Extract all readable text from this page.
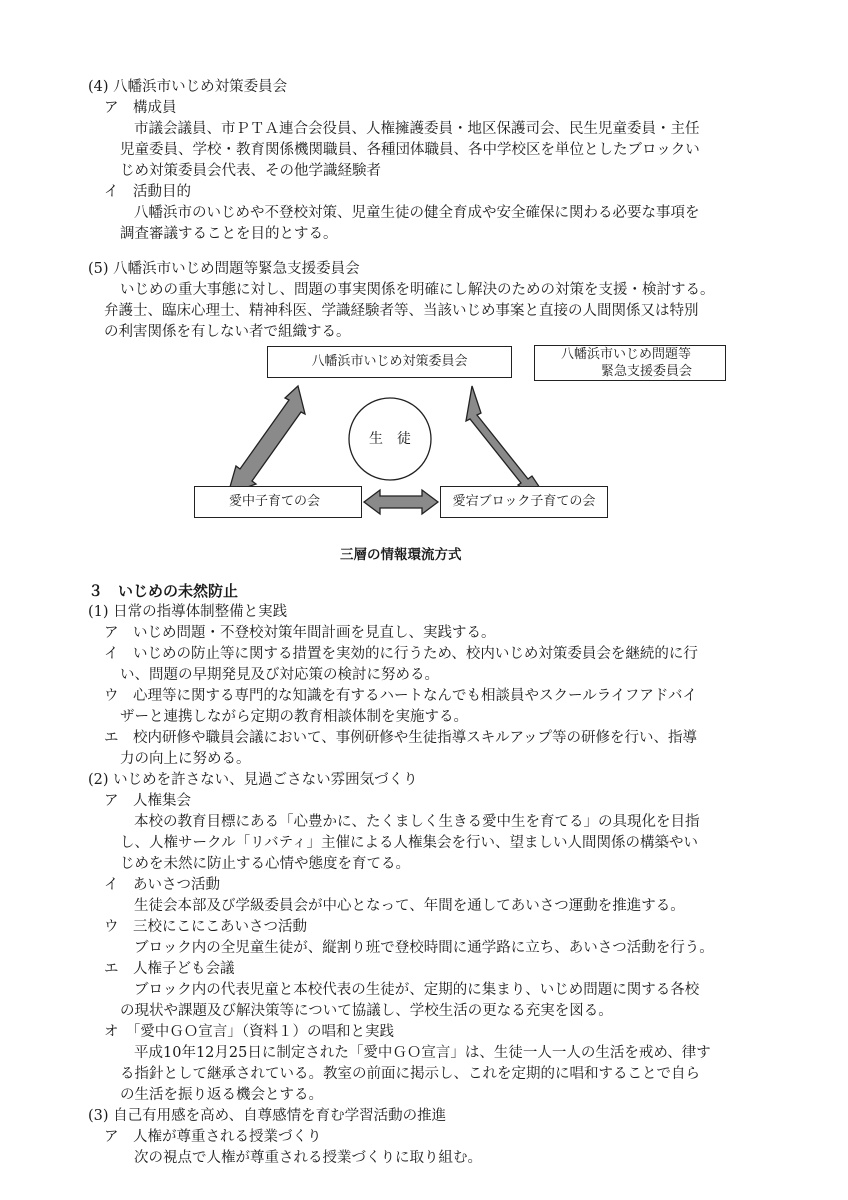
(4) 八幡浜市いじめ対策委員会
ア　構成員
市議会議員、市ＰＴＡ連合会役員、人権擁護委員・地区保護司会、民生児童委員・主任
児童委員、学校・教育関係機関職員、各種団体職員、各中学校区を単位としたブロックい
じめ対策委員会代表、その他学識経験者
イ　活動目的
八幡浜市のいじめや不登校対策、児童生徒の健全育成や安全確保に関わる必要な事項を
調査審議することを目的とする。
(5) 八幡浜市いじめ問題等緊急支援委員会
いじめの重大事態に対し、問題の事実関係を明確にし解決のための対策を支援・検討する。
弁護士、臨床心理士、精神科医、学識経験者等、当該いじめ事案と直接の人間関係又は特別
の利害関係を有しない者で組織する。
八幡浜市いじめ対策委員会	八幡浜市いじめ問題等
緊急支援委員会
生　徒
愛中子育ての会	愛宕ブロック子育ての会
三層の情報環流方式
３　いじめの未然防止
(1) 日常の指導体制整備と実践
ア　いじめ問題・不登校対策年間計画を見直し、実践する。
イ　いじめの防止等に関する措置を実効的に行うため、校内いじめ対策委員会を継続的に行
い、問題の早期発見及び対応策の検討に努める。
ウ　心理等に関する専門的な知識を有するハートなんでも相談員やスクールライフアドバイ
ザーと連携しながら定期の教育相談体制を実施する。
エ　校内研修や職員会議において、事例研修や生徒指導スキルアップ等の研修を行い、指導
力の向上に努める。
(2) いじめを許さない、見過ごさない雰囲気づくり
ア　人権集会
本校の教育目標にある「心豊かに、たくましく生きる愛中生を育てる」の具現化を目指
し、人権サークル「リバティ」主催による人権集会を行い、望ましい人間関係の構築やい
じめを未然に防止する心情や態度を育てる。
イ　あいさつ活動
生徒会本部及び学級委員会が中心となって、年間を通してあいさつ運動を推進する。
ウ　三校にこにこあいさつ活動
ブロック内の全児童生徒が、縦割り班で登校時間に通学路に立ち、あいさつ活動を行う。
エ　人権子ども会議
ブロック内の代表児童と本校代表の生徒が、定期的に集まり、いじめ問題に関する各校
の現状や課題及び解決策等について協議し、学校生活の更なる充実を図る。
オ　「愛中ＧＯ宣言」（資料１）の唱和と実践
平成10年12月25日に制定された「愛中ＧＯ宣言」は、生徒一人一人の生活を戒め、律す
る指針として継承されている。教室の前面に掲示し、これを定期的に唱和することで自ら
の生活を振り返る機会とする。
(3) 自己有用感を高め、自尊感情を育む学習活動の推進
ア　人権が尊重される授業づくり
次の視点で人権が尊重される授業づくりに取り組む。
